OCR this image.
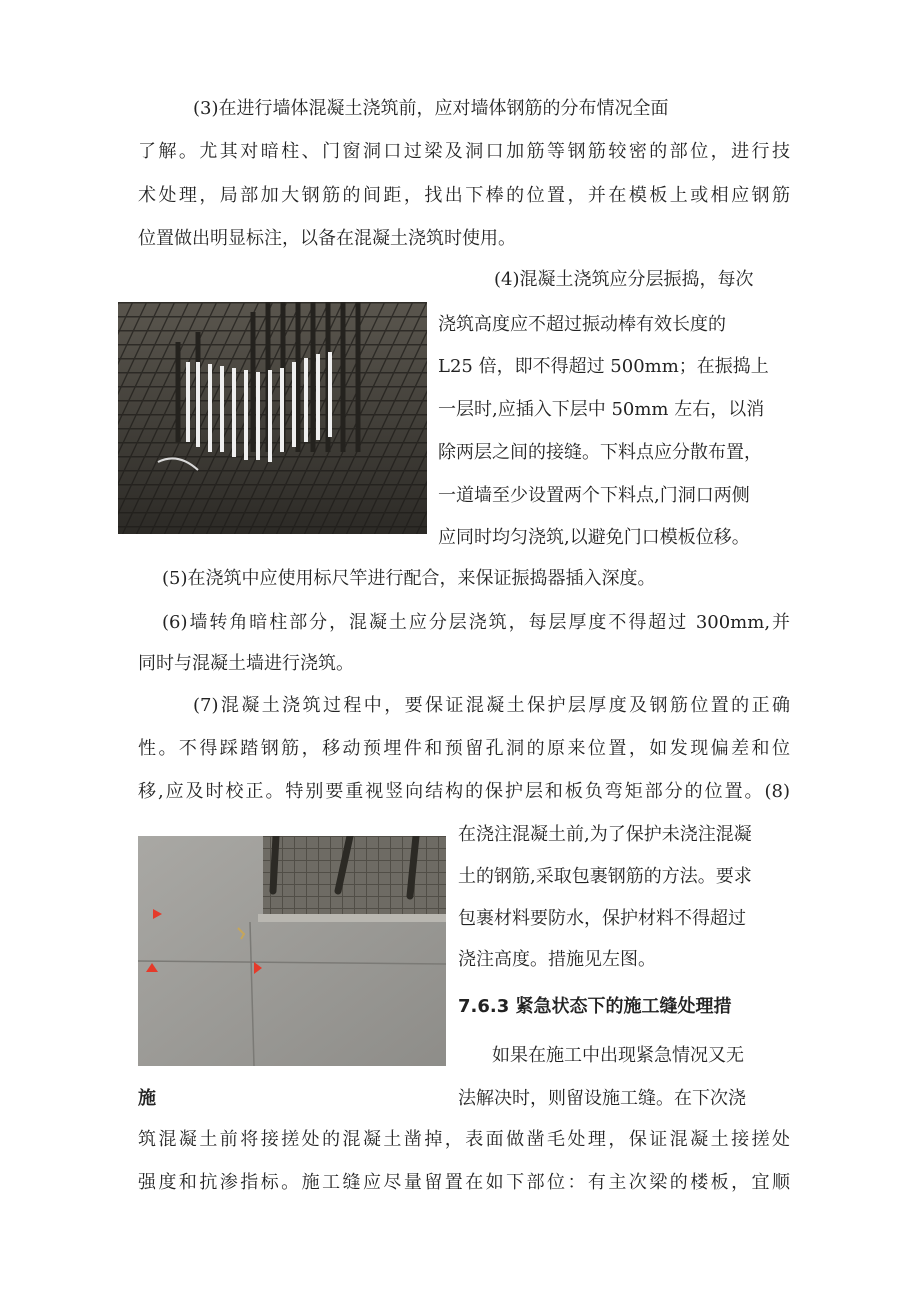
(3)在进行墙体混凝土浇筑前，应对墙体钢筋的分布情况全面
了解。尤其对暗柱、门窗洞口过梁及洞口加筋等钢筋较密的部位，进行技
术处理，局部加大钢筋的间距，找出下棒的位置，并在模板上或相应钢筋
位置做出明显标注，以备在混凝土浇筑时使用。
(4)混凝土浇筑应分层振捣，每次
浇筑高度应不超过振动棒有效长度的
L25 倍，即不得超过 500mm；在振捣上
一层时,应插入下层中 50mm 左右，以消
除两层之间的接缝。下料点应分散布置，
一道墙至少设置两个下料点,门洞口两侧
应同时均匀浇筑,以避免门口模板位移。
(5)在浇筑中应使用标尺竿进行配合，来保证振捣器插入深度。
(6)墙转角暗柱部分，混凝土应分层浇筑，每层厚度不得超过 300mm,并
同时与混凝土墙进行浇筑。
(7)混凝土浇筑过程中，要保证混凝土保护层厚度及钢筋位置的正确
性。不得踩踏钢筋，移动预埋件和预留孔洞的原来位置，如发现偏差和位
移,应及时校正。特别要重视竖向结构的保护层和板负弯矩部分的位置。(8)
在浇注混凝土前,为了保护未浇注混凝
土的钢筋,采取包裹钢筋的方法。要求
包裹材料要防水，保护材料不得超过
浇注高度。措施见左图。
7.6.3 紧急状态下的施工缝处理措
施
如果在施工中出现紧急情况又无
法解决时，则留设施工缝。在下次浇
筑混凝土前将接搓处的混凝土凿掉，表面做凿毛处理，保证混凝土接搓处
强度和抗渗指标。施工缝应尽量留置在如下部位：有主次梁的楼板，宜顺
